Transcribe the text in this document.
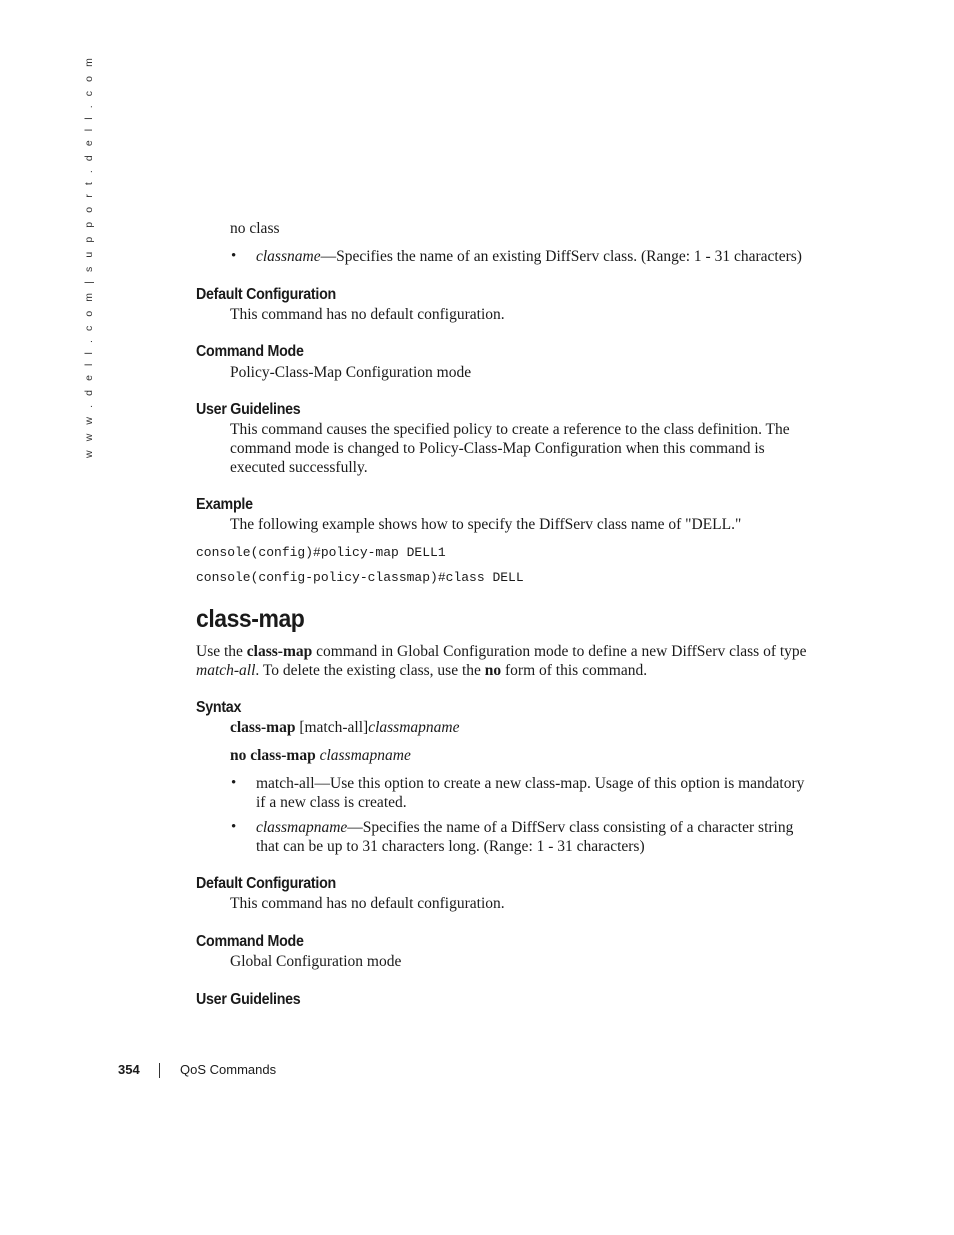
w w w . d e l l . c o m | s u p p o r t . d e l l . c o m	no class
• classname—Specifies the name of an existing DiffServ class. (Range: 1 - 31 characters)
Default Configuration
This command has no default configuration.
Command Mode
Policy-Class-Map Configuration mode
User Guidelines
This command causes the specified policy to create a reference to the class definition. The
command mode is changed to Policy-Class-Map Configuration when this command is
executed successfully.
Example
The following example shows how to specify the DiffServ class name of "DELL."
console(config)#policy-map DELL1
console(config-policy-classmap)#class DELL
class-map
Use the class-map command in Global Configuration mode to define a new DiffServ class of type
match-all. To delete the existing class, use the no form of this command.
Syntax
class-map [match-all]classmapname
no class-map classmapname
• match-all—Use this option to create a new class-map. Usage of this option is mandatory
if a new class is created.
• classmapname—Specifies the name of a DiffServ class consisting of a character string
that can be up to 31 characters long. (Range: 1 - 31 characters)
Default Configuration
This command has no default configuration.
Command Mode
Global Configuration mode
User Guidelines
354	QoS Commands
